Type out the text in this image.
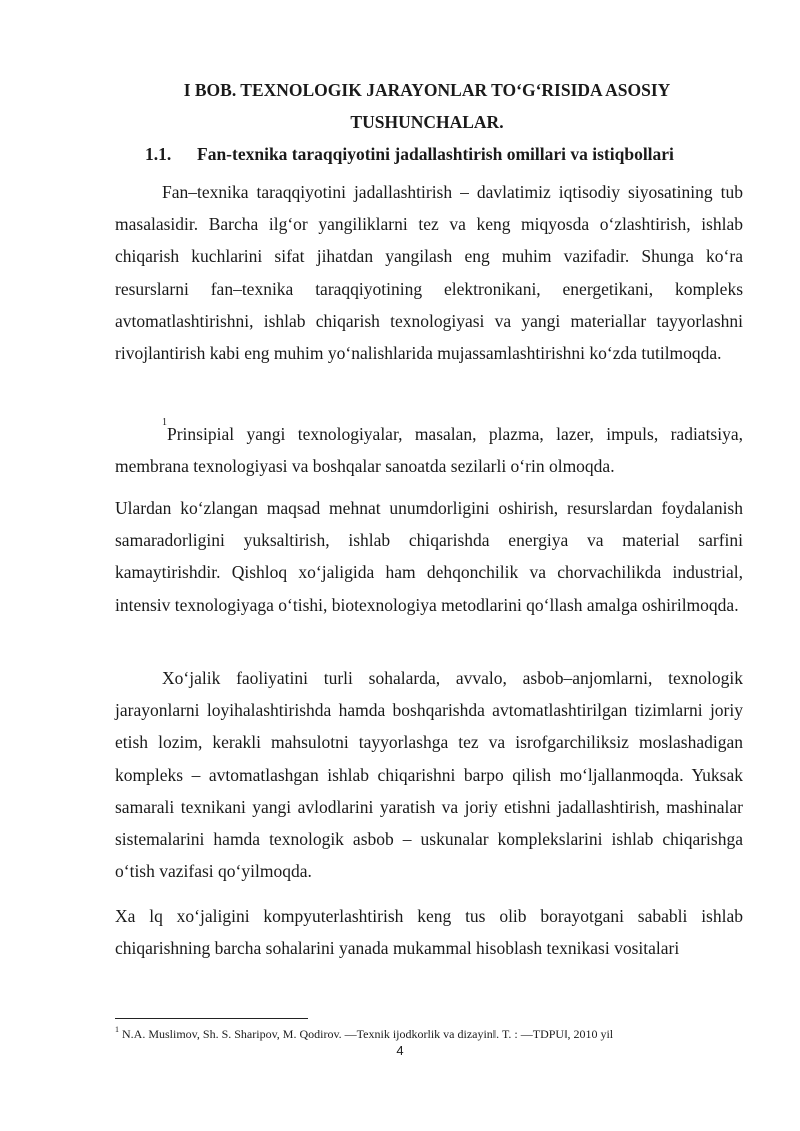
I BOB. TEXNOLOGIK JARAYONLAR TO‘G‘RISIDA ASOSIY TUSHUNCHALAR.
1.1. Fan-texnika taraqqiyotini jadallashtirish omillari va istiqbollari
Fan–texnika taraqqiyotini jadallashtirish – davlatimiz iqtisodiy siyosatining tub masalasidir. Barcha ilg‘or yangiliklarni tez va keng miqyosda o‘zlashtirish, ishlab chiqarish kuchlarini sifat jihatdan yangilash eng muhim vazifadir. Shunga ko‘ra resurslarni fan–texnika taraqqiyotining elektronikani, energetikani, kompleks avtomatlashtirishni, ishlab chiqarish texnologiyasi va yangi materiallar tayyorlashni rivojlantirish kabi eng muhim yo‘nalishlarida mujassamlashtirishni ko‘zda tutilmoqda.
$^1$Prinsipial yangi texnologiyalar, masalan, plazma, lazer, impuls, radiatsiya, membrana texnologiyasi va boshqalar sanoatda sezilarli o‘rin olmoqda.
Ulardan ko‘zlangan maqsad mehnat unumdorligini oshirish, resurslardan foydalanish samaradorligini yuksaltirish, ishlab chiqarishda energiya va material sarfini kamaytirishdir. Qishloq xo‘jaligida ham dehqonchilik va chorvachilikda industrial, intensiv texnologiyaga o‘tishi, biotexnologiya metodlarini qo‘llash amalga oshirilmoqda.
Xo‘jalik faoliyatini turli sohalarda, avvalo, asbob–anjomlarni, texnologik jarayonlarni loyihalashtirishda hamda boshqarishda avtomatlashtirilgan tizimlarni joriy etish lozim, kerakli mahsulotni tayyorlashga tez va isrofgarchiliksiz moslashadigan kompleks – avtomatlashgan ishlab chiqarishni barpo qilish mo‘ljallanmoqda. Yuksak samarali texnikani yangi avlodlarini yaratish va joriy etishni jadallashtirish, mashinalar sistemalarini hamda texnologik asbob – uskunalar komplekslarini ishlab chiqarishga o‘tish vazifasi qo‘yilmoqda.
Xa lq xo‘jaligini kompyuterlashtirish keng tus olib borayotgani sababli ishlab chiqarishning barcha sohalarini yanada mukammal hisoblash texnikasi vositalari
$^1$ N.A. Muslimov, Sh. S. Sharipov, M. Qodirov. ―Texnik ijodkorlik va dizayin‖. T. : ―TDPU‖, 2010 yil
4
